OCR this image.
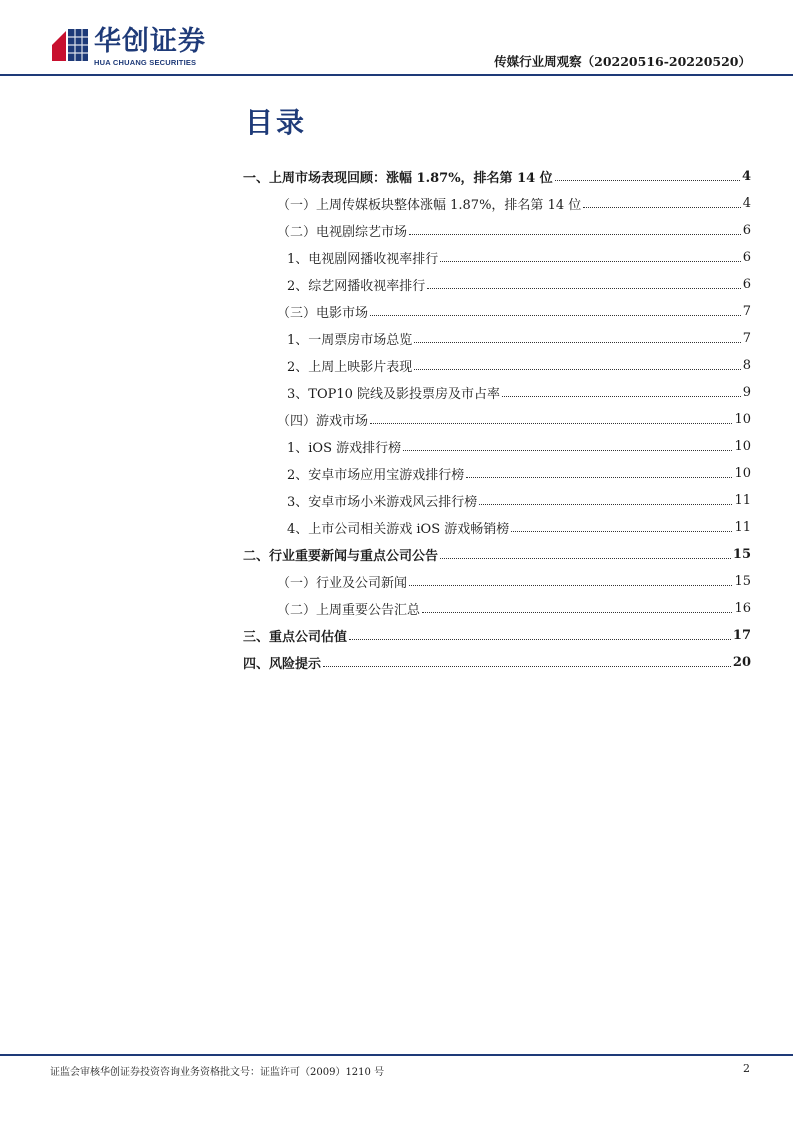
华创证券
HUA CHUANG SECURITIES	传媒行业周观察（20220516-20220520）
目录
一、上周市场表现回顾：涨幅 1.87%，排名第 14 位	4
（一）上周传媒板块整体涨幅 1.87%，排名第 14 位	4
（二）电视剧综艺市场	6
1、电视剧网播收视率排行	6
2、综艺网播收视率排行	6
（三）电影市场	7
1、一周票房市场总览	7
2、上周上映影片表现	8
3、TOP10 院线及影投票房及市占率	9
（四）游戏市场	10
1、iOS 游戏排行榜	10
2、安卓市场应用宝游戏排行榜	10
3、安卓市场小米游戏风云排行榜	11
4、上市公司相关游戏 iOS 游戏畅销榜	11
二、行业重要新闻与重点公司公告	15
（一）行业及公司新闻	15
（二）上周重要公告汇总	16
三、重点公司估值	17
四、风险提示	20
证监会审核华创证券投资咨询业务资格批文号：证监许可（2009）1210 号	2
